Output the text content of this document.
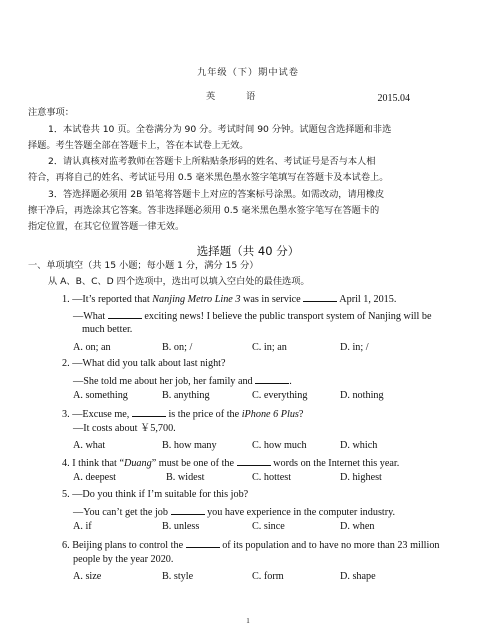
九年级（下）期中试卷
英 语	2015.04
注意事项：
1．本试卷共 10 页。全卷满分为 90 分。考试时间 90 分钟。试题包含选择题和非选
择题。考生答题全部在答题卡上，答在本试卷上无效。
2．请认真核对监考教师在答题卡上所粘贴条形码的姓名、考试证号是否与本人相
符合，再将自己的姓名、考试证号用 0.5 毫米黑色墨水签字笔填写在答题卡及本试卷上。
3．答选择题必须用 2B 铅笔将答题卡上对应的答案标号涂黑。如需改动，请用橡皮
擦干净后，再选涂其它答案。答非选择题必须用 0.5 毫米黑色墨水签字笔写在答题卡的
指定位置，在其它位置答题一律无效。
选择题（共 40 分）
一、单项填空（共 15 小题；每小题 1 分，满分 15 分）
从 A、B、C、D 四个选项中，选出可以填入空白处的最佳选项。
1. —It’s reported that Nanjing Metro Line 3 was in service	April 1, 2015.
—What	exciting news! I believe the public transport system of Nanjing will be
much better.
A. on; an	B. on; /	C. in; an	D. in; /
2. —What did you talk about last night?
—She told me about her job, her family and	.
A. something	B. anything	C. everything	D. nothing
3. —Excuse me,	is the price of the iPhone 6 Plus?
—It costs about ￥5,700.
A. what	B. how many	C. how much	D. which
4. I think that “Duang” must be one of the	words on the Internet this year.
A. deepest	B. widest	C. hottest	D. highest
5. —Do you think if I’m suitable for this job?
—You can’t get the job	you have experience in the computer industry.
A. if	B. unless	C. since	D. when
6. Beijing plans to control the	of its population and to have no more than 23 million
people by the year 2020.
A. size	B. style	C. form	D. shape
1
